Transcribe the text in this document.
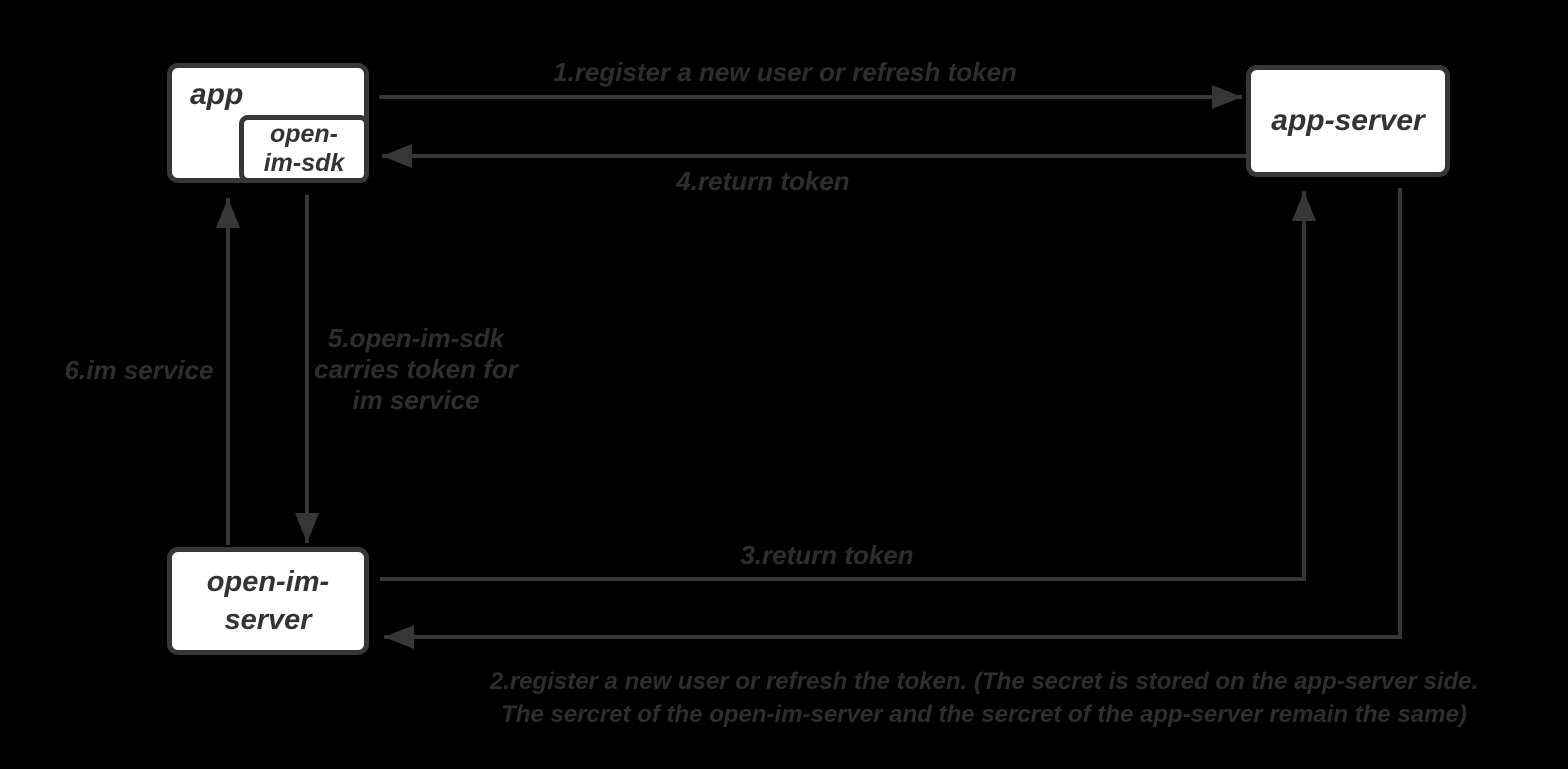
app
open-
im-sdk
app-server
open-im-
server
1.register a new user or refresh token
4.return token
3.return token
6.im service
5.open-im-sdk
carries token for
im service
2.register a new user or refresh the token. (The secret is stored on the app-server side.
The sercret of the open-im-server and the sercret of the app-server remain the same)
